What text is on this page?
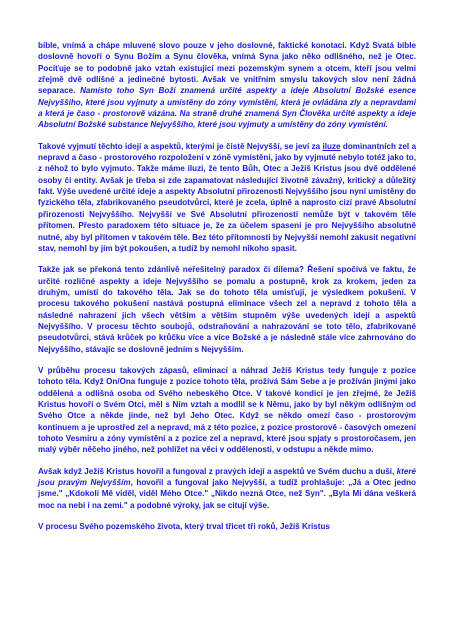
bible, vnímá a chápe mluvené slovo pouze v jeho doslovné, faktické konotaci. Když Svatá bible doslovně hovoří o Synu Božím a Synu člověka, vnímá Syna jako něko odlišného, než je Otec. Pociťuje se to podobně jako vztah existující mezi pozemským synem a otcem, kteří jsou velmi zřejmě dvě odlišné a jedinečné bytosti. Avšak ve vnitřním smyslu takových slov není žádná separace. Namísto toho Syn Boží znamená určité aspekty a ideje Absolutní Božské esence Nejvyššího, které jsou vyjmuty a umístěny do zóny vymístění, která je ovládána zly a nepravdami a která je časo - prostorově vázána. Na straně druhé znamená Syn Člověka určité aspekty a ideje Absolutní Božské substance Nejvyššího, které jsou vyjmuty a umístěny do zóny vymístění.

Takové vyjmutí těchto idejí a aspektů, kterými je čistě Nejvyšší, se jeví za iluze dominantních zel a nepravd a časo - prostorového rozpoložení v zóně vymístění, jako by vyjmuté nebylo totéž jako to, z něhož to bylo vyjmuto. Takže máme iluzi, že tento Bůh, Otec a Ježíš Kristus jsou dvě oddělené osoby či entity. Avšak je třeba si zde zapamatovat následující životně závažný, kritický a důležitý fakt. Výše uvedené určité ideje a aspekty Absolutní přirozenosti Nejvyššího jsou nyní umístěny do fyzického těla, zfabrikovaného pseudotvůrci, které je zcela, úplně a naprosto cizí pravé Absolutní přirozenosti Nejvyššího. Nejvyšší ve Své Absolutní přirozenosti nemůže být v takovém těle přítomen. Přesto paradoxem této situace je, že za účelem spasení je pro Nejvyššího absolutně nutné, aby byl přítomen v takovém těle. Bez této přítomnosti by Nejvyšší nemohl zakusit negativní stav, nemohl by jím být pokoušen, a tudíž by nemohl nikoho spasit.

Takže jak se překoná tento zdánlivě neřešitelný paradox či dilema? Řešení spočívá ve faktu, že určité rozličné aspekty a ideje Nejvyššího se pomalu a postupně, krok za krokem, jeden za druhým, umístí do takového těla. Jak se do tohoto těla umisťují, je výsledkem pokušení. V procesu takového pokušení nastává postupná eliminace všech zel a nepravd z tohoto těla a následné nahrazení jich všech větším a větším stupněm výše uvedených idejí a aspektů Nejvyššího. V procesu těchto soubojů, odstraňování a nahrazování se toto tělo, zfabrikované pseudotvůrci, stává krůček po krůčku více a více Božské a je následně stále více zahrnováno do Nejvyššího, stávajíc se doslovně jedním s Nejvyšším.

V průběhu procesu takových zápasů, eliminací a náhrad Ježíš Kristus tedy funguje z pozice tohoto těla. Když On/Ona funguje z pozice tohoto těla, prožívá Sám Sebe a je prožíván jinými jako oddělená a odlišná osoba od Svého nebeského Otce. V takové kondici je jen zřejmé, že Ježíš Kristus hovoří o Svém Otci, měl s Ním vztah a modlil se k Němu, jako by byl někým odlišným od Svého Otce a někde jinde, než byl Jeho Otec. Když se někdo omezí časo - prostorovým kontinuem a je uprostřed zel a nepravd, má z této pozice, z pozice prostorově - časových omezení tohoto Vesmíru a zóny vymístění a z pozice zel a nepravd, které jsou spjaty s prostoročasem, jen malý výběr něčeho jiného, než pohlížet na věci v oddělenosti, v odstupu a někde mimo.

Avšak když Ježíš Kristus hovořil a fungoval z pravých idejí a aspektů ve Svém duchu a duši, které jsou pravým Nejvyšším, hovořil a fungoval jako Nejvyšší, a tudíž prohlašuje: „Já a Otec jedno jsme." „Kdokoli Mě viděl, viděl Mého Otce." „Nikdo nezná Otce, než Syn". „Byla Mi dána veškerá moc na nebi i na zemi." a podobné výroky, jak se citují výše.

V procesu Svého pozemského života, který trval třicet tři roků, Ježíš Kristus
